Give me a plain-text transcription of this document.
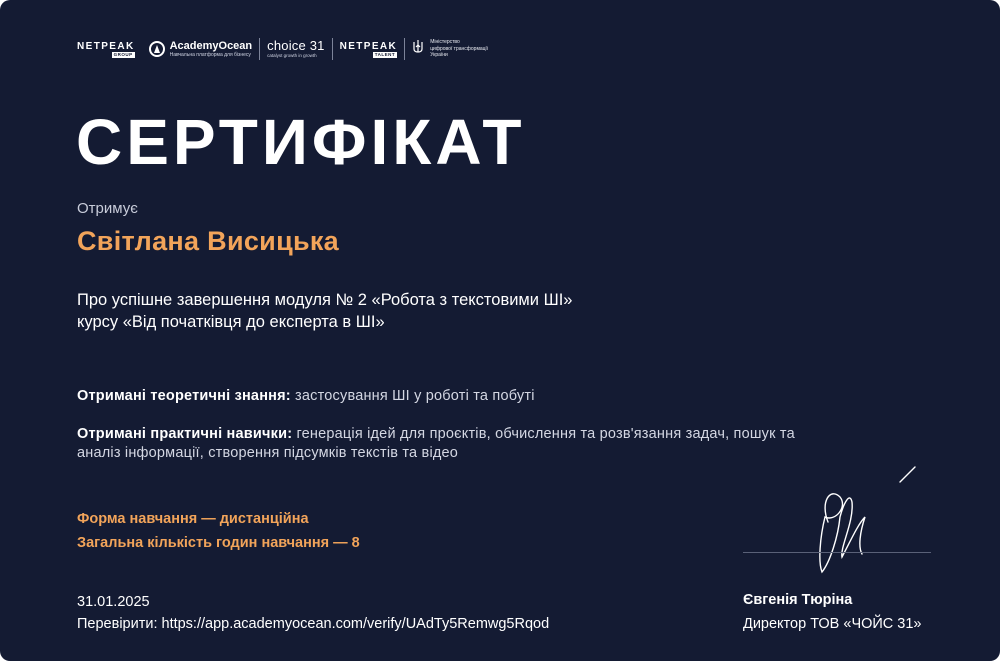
NETPEAK
GROUP
AcademyOcean
Навчальна платформа для бізнесу
choice 31
catalyst growth in growth
NETPEAK
TALENT
Міністерство
цифрової трансформації
України
СЕРТИФІКАТ
Отримує
Світлана Висицька
Про успішне завершення модуля № 2 «Робота з текстовими ШІ»
курсу «Від початківця до експерта в ШІ»
Отримані теоретичні знання: застосування ШІ у роботі та побуті
Отримані практичні навички: генерація ідей для проєктів, обчислення та розв'язання задач, пошук та аналіз інформації, створення підсумків текстів та відео
Форма навчання — дистанційна
Загальна кількість годин навчання — 8
31.01.2025
Перевірити: https://app.academyocean.com/verify/UAdTy5Remwg5Rqod
Євгенія Тюріна
Директор ТОВ «ЧОЙС 31»
